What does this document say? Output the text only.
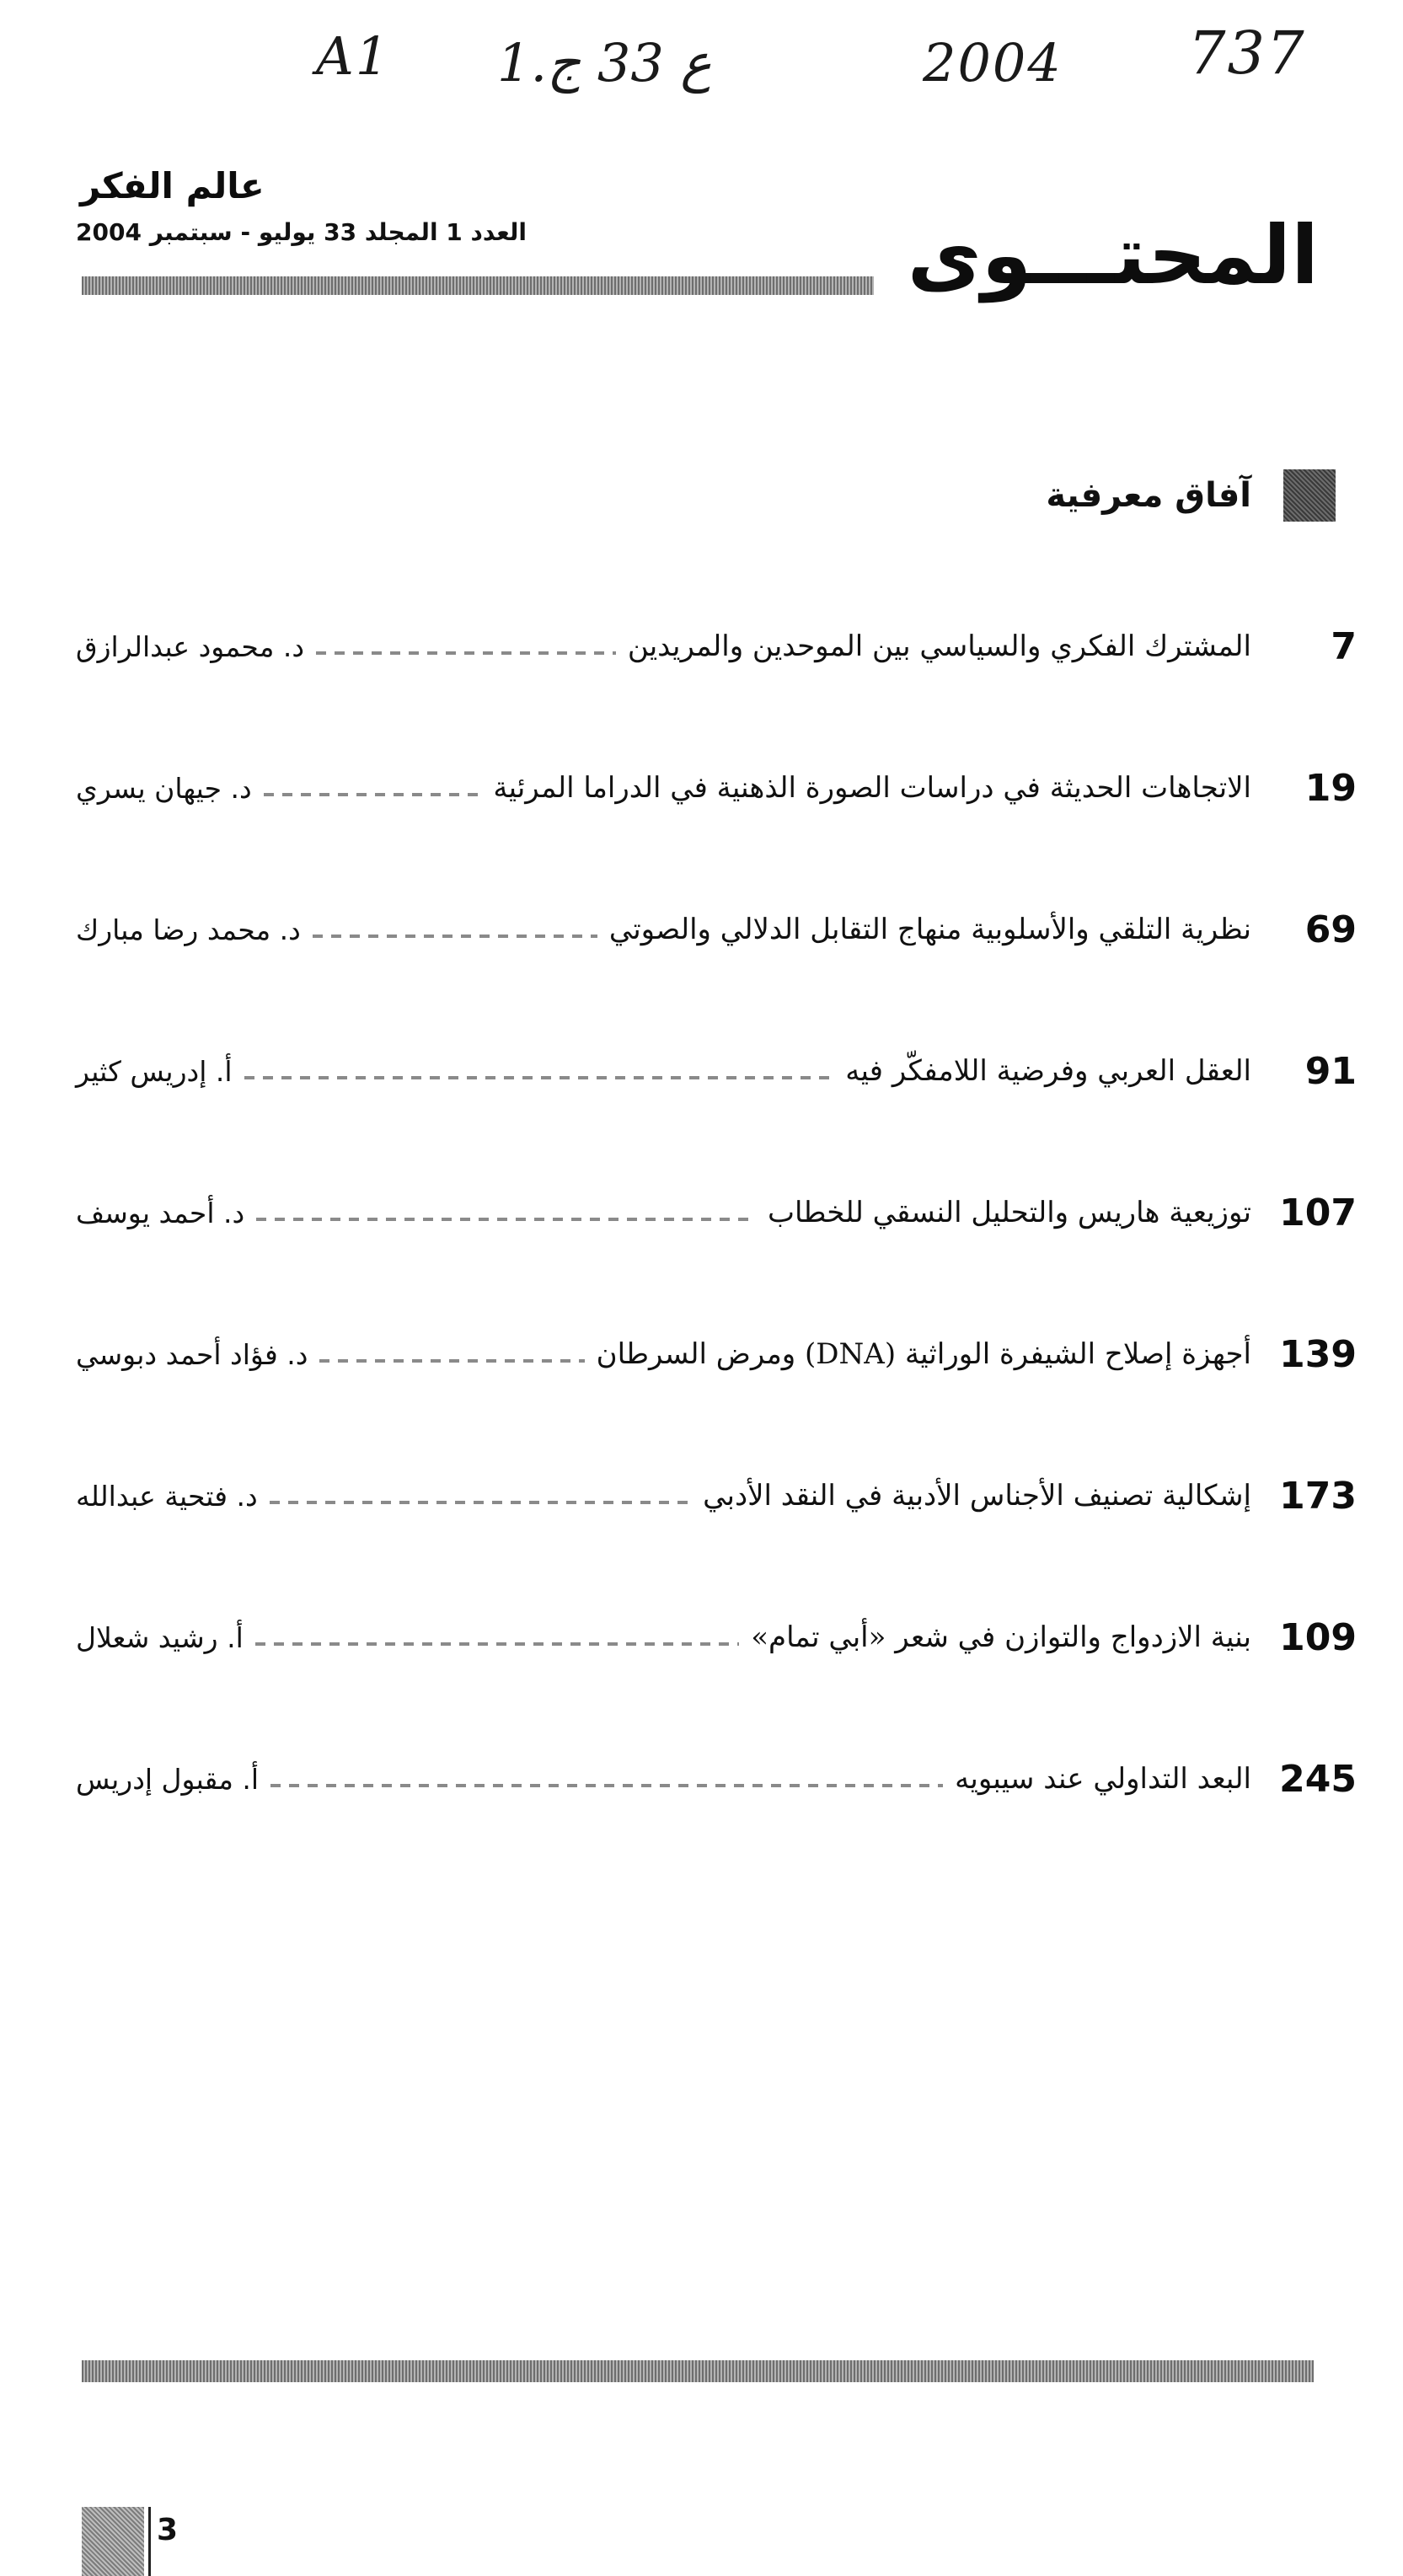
A1 1.ع 33 ج	2004 737
المحتـــوى
عالم الفكر
العدد 1 المجلد 33 يوليو - سبتمبر 2004
آفاق معرفية
7
المشترك الفكري والسياسي بين الموحدين والمريدين
د. محمود عبدالرازق
19
الاتجاهات الحديثة في دراسات الصورة الذهنية في الدراما المرئية
د. جيهان يسري
69
نظرية التلقي والأسلوبية منهاج التقابل الدلالي والصوتي
د. محمد رضا مبارك
91
العقل العربي وفرضية اللامفكّر فيه
أ. إدريس كثير
107
توزيعية هاريس والتحليل النسقي للخطاب
د. أحمد يوسف
139
أجهزة إصلاح الشيفرة الوراثية (DNA) ومرض السرطان
د. فؤاد أحمد دبوسي
173
إشكالية تصنيف الأجناس الأدبية في النقد الأدبي
د. فتحية عبدالله
109
بنية الازدواج والتوازن في شعر «أبي تمام»
أ. رشيد شعلال
245
البعد التداولي عند سيبويه
أ. مقبول إدريس
3
